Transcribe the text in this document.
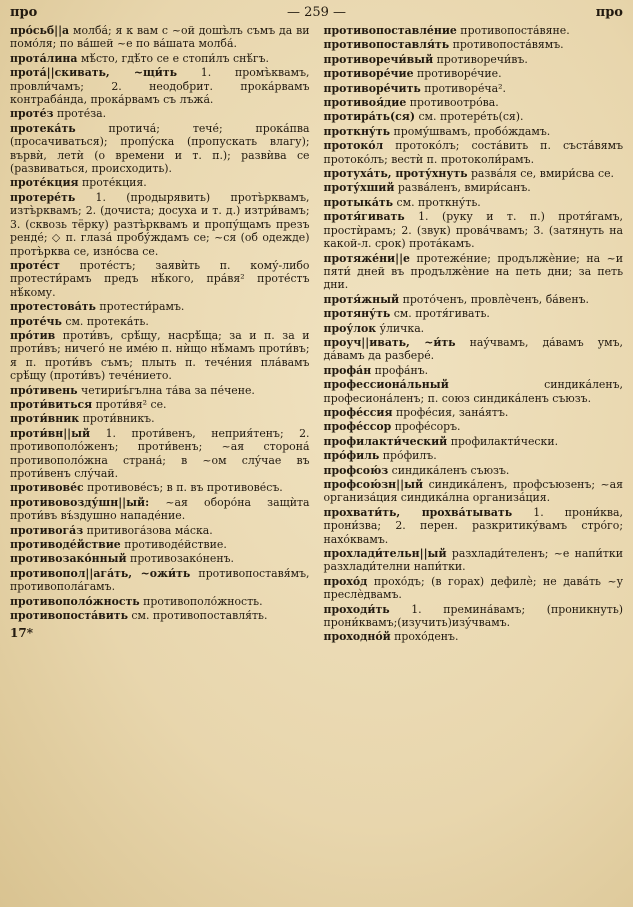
про	— 259 —	про

про́сьб||а молба́; я к вам с ~ой дошъ̀лъ съмъ да ви помо́ля; по ва́шей ~е по ва́шата молба́.

прота́лина мѣ́сто, гдѣ́то се е стопи́лъ снѣ́гъ.

прота́||скивать, ~щи́ть 1. промъ̀квамъ, провли́чамъ; 2. неодобрит. прока́рвамъ контраба́нда, прока́рвамъ съ лъжа́.

проте́з проте́за.

протека́ть протича́; тече́; прока́пва (просачиваться); пропу́ска (пропускать влагу); вървѝ, летѝ (о времени и т. п.); развѝва се (развиваться, происходить).

проте́кция проте́кция.

протере́ть 1. (продырявить) протъ̀рквамъ, изтъ̀рквамъ; 2. (дочиста; досуха и т. д.) изтри́вамъ; 3. (сквозь тёрку) разтъ̀рквамъ и пропу́щамъ презъ ренде́; ◇ п. глаза́ пробу́ждамъ се; ~ся (об одежде) протъ̀рква се, изно́сва се.

проте́ст проте́стъ; заявѝть п. кому́-либо протести́рамъ предъ нѣ́кого, пра́вя² проте́стъ нѣ́кому.

протестова́ть протести́рамъ.

проте́чь см. протека́ть.

про́тив проти́въ, срѣ́щу, насрѣ́ща; за и п. за и проти́въ; ничего́ не име́ю п. нѝщо нѣ́мамъ проти́въ; я п. проти́въ съмъ; плыть п. тече́ния пла́вамъ срѣ́щу (проти́въ) тече́нието.

про́тивень четириъ́гълна та́ва за пе́чене.

проти́виться проти́вя² се.

проти́вник проти́вникъ.

проти́вн||ый 1. проти́венъ, неприя́тенъ; 2. противополо́женъ; проти́венъ; ~ая сторона́ противополо́жна страна́; в ~ом слу́чае въ проти́венъ слу́чай.

противове́с противове́съ; в п. въ противове́съ.

противовозду́шн||ый: ~ая оборо́на защѝта проти́въ въ́здушно нападе́ние.

противога́з притивога́зова ма́ска.

противоде́йствие противоде́йствие.

противозако́нный противозако́ненъ.

противопол||ага́ть, ~ожи́ть противопоставя́мъ, противопола́гамъ.

противополо́жность противополо́жность.

противопоста́вить см. противопоставля́ть.

17*

противопоставле́ние противопоста́вяне.

противопоставля́ть противопоста́вямъ.

противоречи́вый противоречи́въ.

противоре́чие противоре́чие.

противоре́чить противоре́ча².

противоя́дие противоотро́ва.

протира́ть(ся) см. протере́ть(ся).

проткну́ть прому́швамъ, пробо́ждамъ.

протоко́л протоко́лъ; соста́вить п. съста́вямъ протоко́лъ; вестѝ п. протоколи́рамъ.

протуха́ть, проту́хнуть разва́ля се, вмири́сва се.

проту́хший разва́ленъ, вмири́санъ.

протыка́ть см. проткну́ть.

протя́гивать 1. (руку и т. п.) протя́гамъ, простѝрамъ; 2. (звук) прова́чвамъ; 3. (затянуть на какой-л. срок) прота́камъ.

протяже́ни||е протеже́ние; продължѐние; на ~и пяти́ дней въ продължѐние на петь дни; за петь дни.

протя́жный прото́ченъ, провлѐченъ, ба́венъ.

протяну́ть см. протя́гивать.

проу́лок у́личка.

проуч||ивать, ~и́ть нау́чвамъ, да́вамъ умъ, да́вамъ да разбере́.

профа́н профа́нъ.

профессиона́льный синдика́ленъ, професиона́ленъ; п. союз синдика́ленъ съюзъ.

профе́ссия профе́сия, зана́ятъ.

профе́ссор профе́соръ.

профилакти́ческий профилакти́чески.

про́филь про́филъ.

профсою́з синдика́ленъ съюзъ.

профсою́зн||ый синдика́ленъ, профсъюзенъ; ~ая организа́ция синдика́лна организа́ция.

прохвати́ть, прохва́тывать 1. прони́ква, прони́зва; 2. перен. разкритику́вамъ стро́го; нахо́квамъ.

прохлади́тельн||ый разхлади́теленъ; ~е напи́тки разхлади́телни напи́тки.

прохо́д прохо́дъ; (в горах) дефилѐ; не дава́ть ~у преслѐдвамъ.

проходи́ть 1. премина́вамъ; (проникнуть) прони́квамъ;(изучить)изу́чвамъ.

проходно́й прохо́денъ.
